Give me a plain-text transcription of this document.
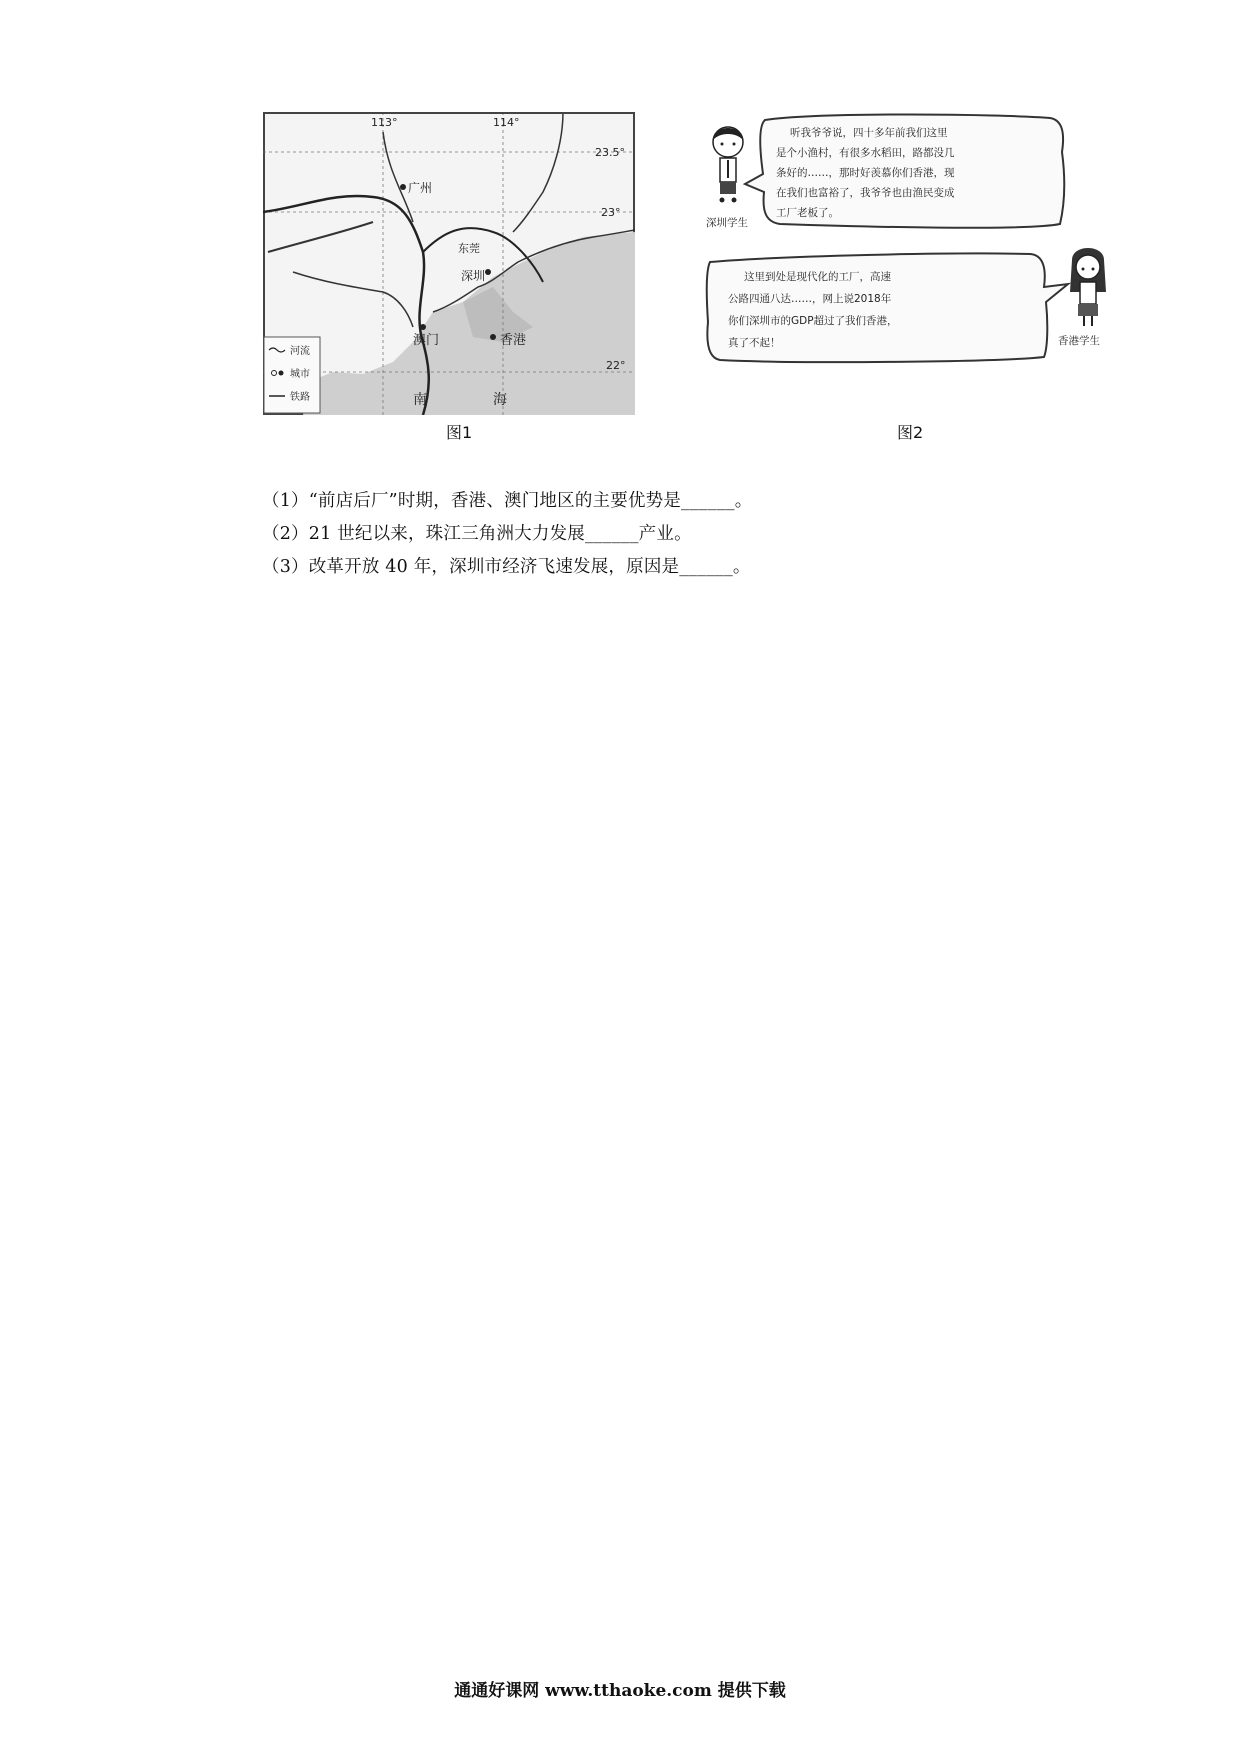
113°	114°
23.5°
23°
22°
广州
深圳
澳门	香港
东莞
南	海
河流
城市
铁路
图1
听我爷爷说，四十多年前我们这里
是个小渔村，有很多水稻田，路都没几
条好的……，那时好羡慕你们香港，现
在我们也富裕了，我爷爷也由渔民变成
工厂老板了。
深圳学生
这里到处是现代化的工厂，高速
公路四通八达……，网上说2018年
你们深圳市的GDP超过了我们香港，
真了不起！	香港学生
图2
（1）“前店后厂”时期，香港、澳门地区的主要优势是______。
（2）21 世纪以来，珠江三角洲大力发展______产业。
（3）改革开放 40 年，深圳市经济飞速发展，原因是______。
通通好课网 www.tthaoke.com 提供下载
